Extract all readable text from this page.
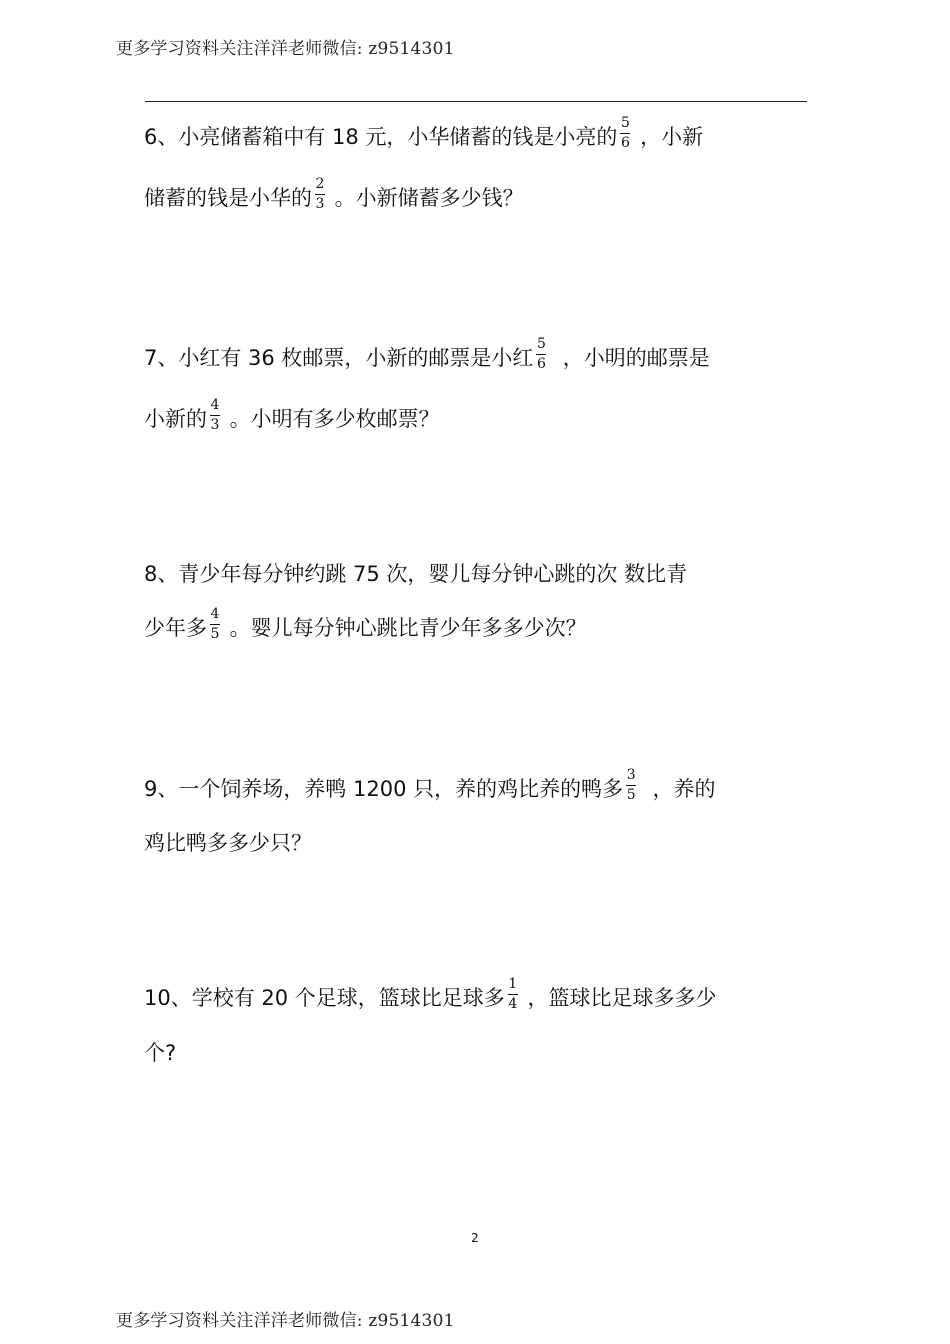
更多学习资料关注洋洋老师微信: z9514301
6、小亮储蓄箱中有 18 元，小华储蓄的钱是小亮的 $\frac{5}{6}$ ，小新
储蓄的钱是小华的 $\frac{2}{3}$ 。小新储蓄多少钱？
7、小红有 36 枚邮票，小新的邮票是小红 $\frac{5}{6}$ ，小明的邮票是
小新的 $\frac{4}{3}$ 。小明有多少枚邮票？
8、青少年每分钟约跳 75 次，婴儿每分钟心跳的次 数比青
少年多 $\frac{4}{5}$ 。婴儿每分钟心跳比青少年多多少次？
9、一个饲养场，养鸭 1200 只，养的鸡比养的鸭多 $\frac{3}{5}$ ，养的
鸡比鸭多多少只？
10、学校有 20 个足球，篮球比足球多 $\frac{1}{4}$ ，篮球比足球多多少
个?
2
更多学习资料关注洋洋老师微信: z9514301
